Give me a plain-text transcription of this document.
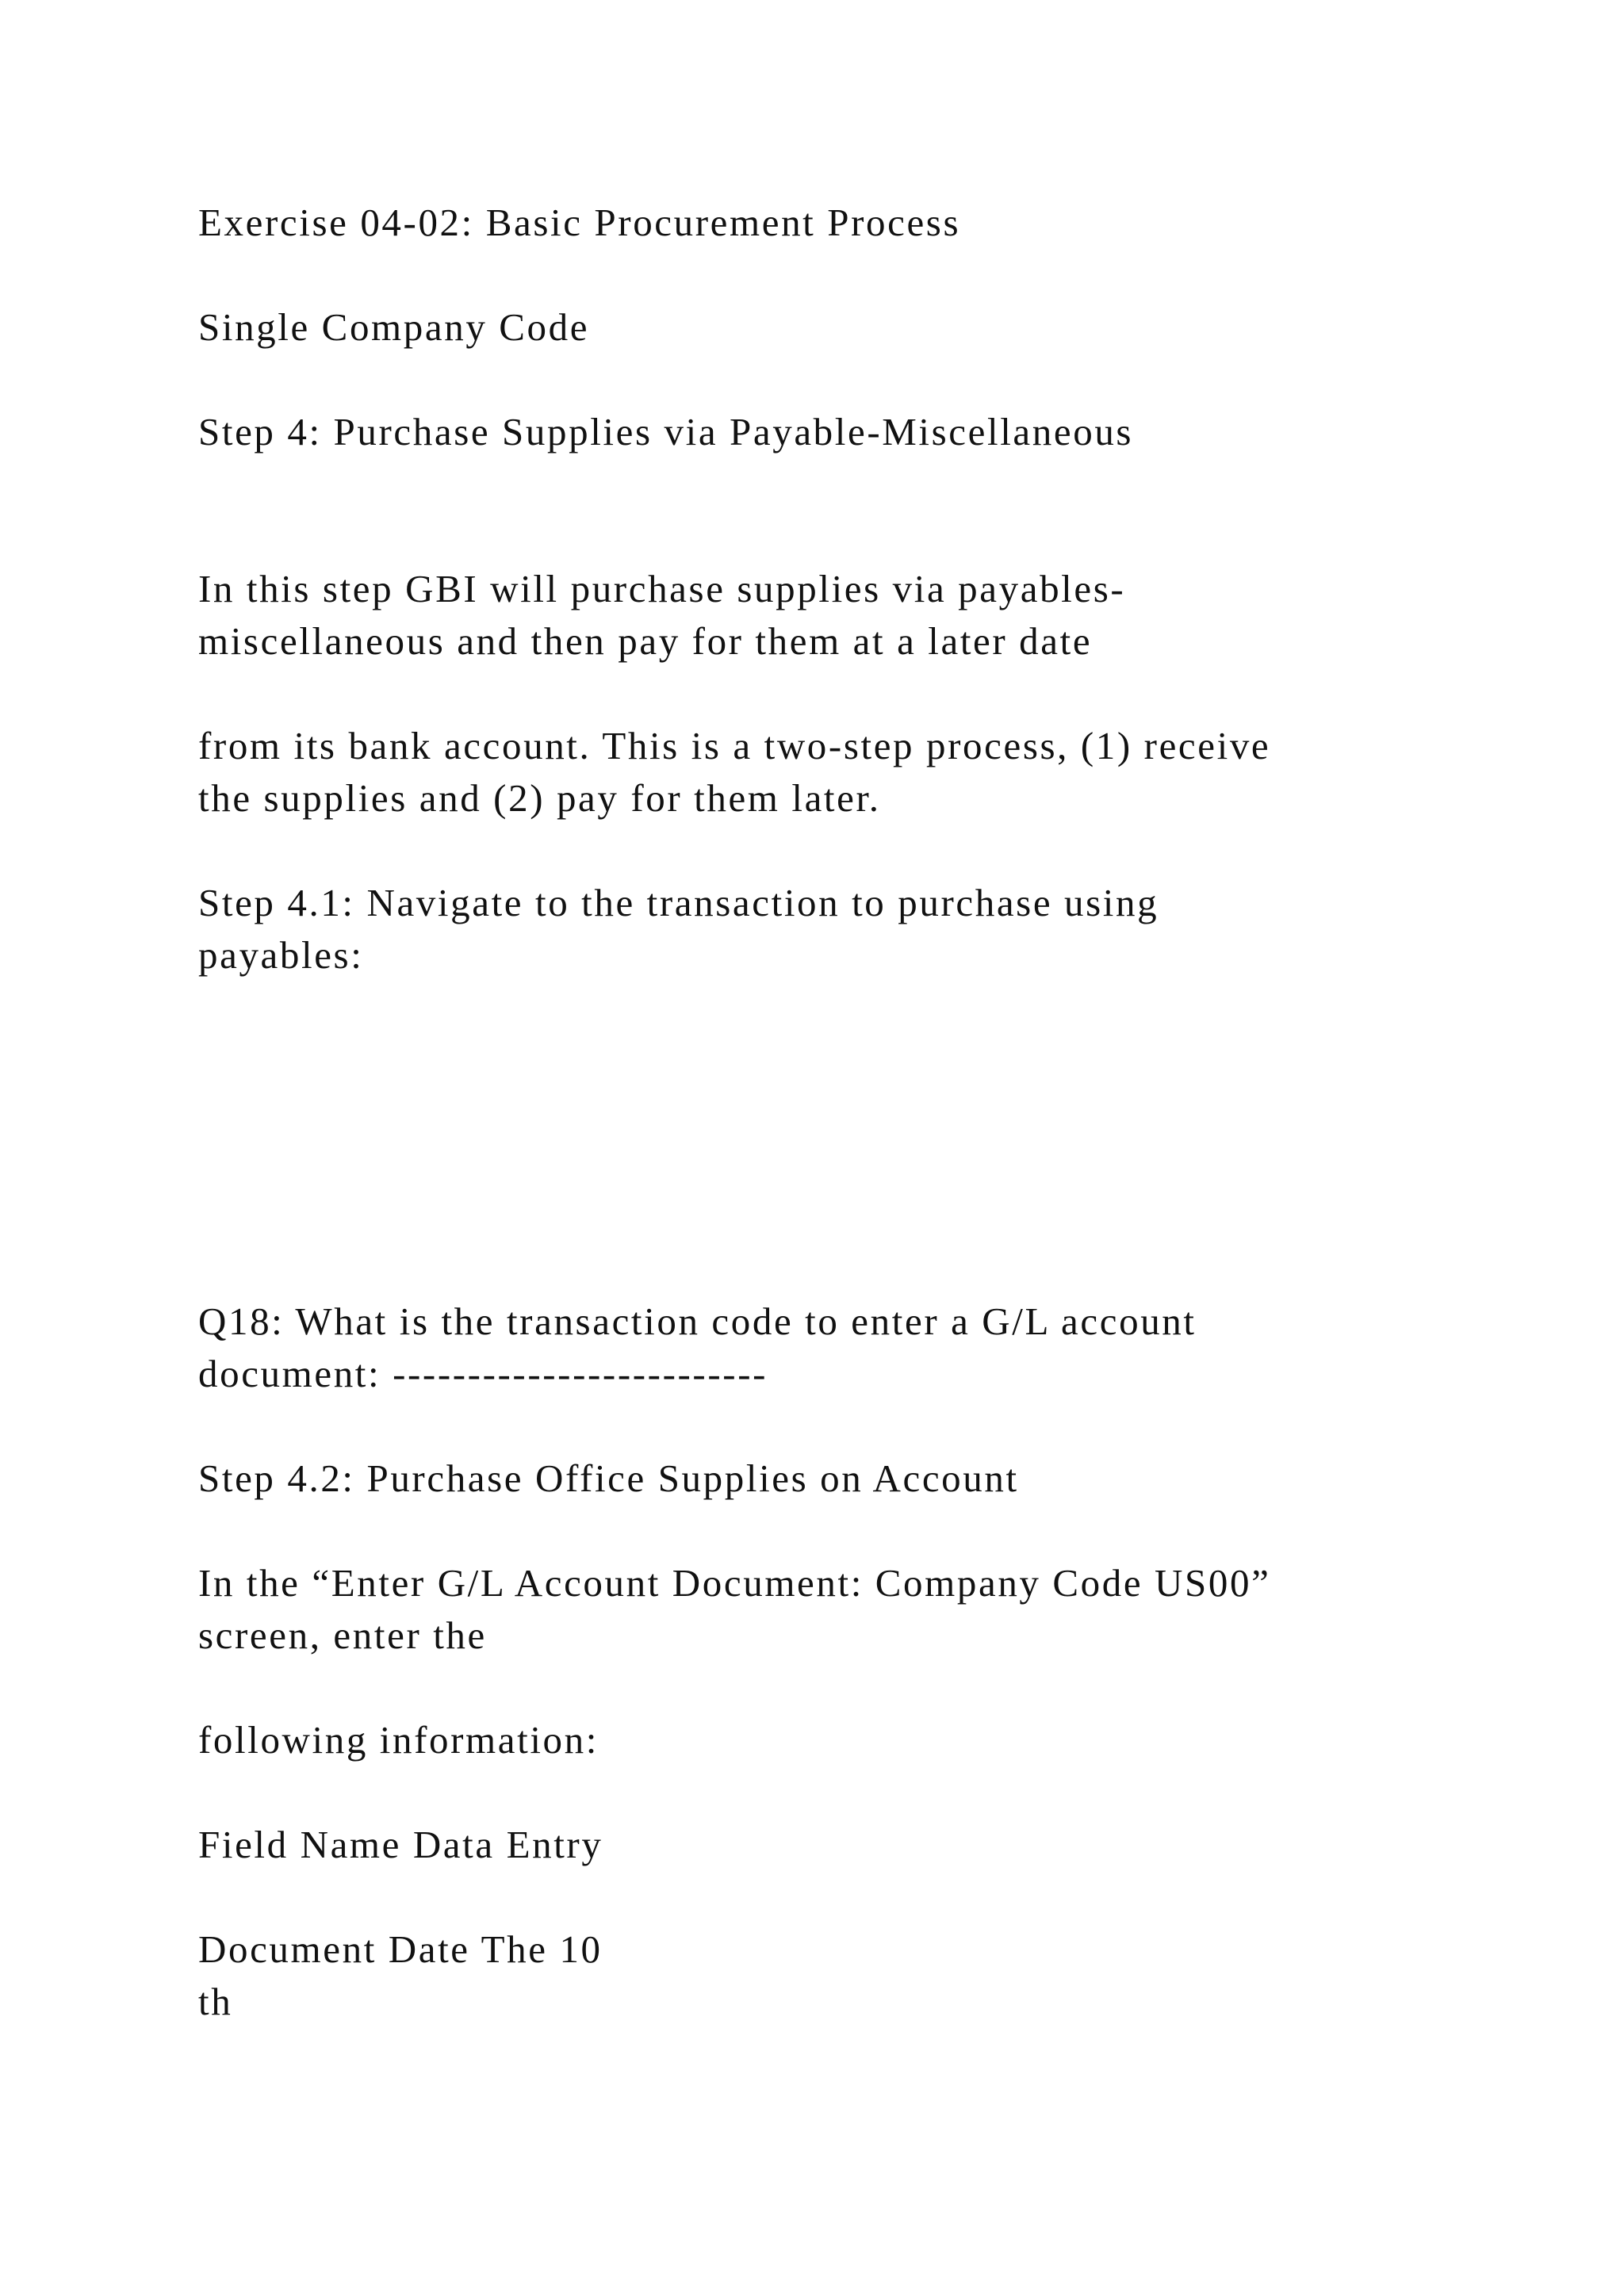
Exercise 04-02: Basic Procurement Process

Single Company Code

Step 4: Purchase Supplies via Payable-Miscellaneous

In this step GBI will purchase supplies via payables-

miscellaneous and then pay for them at a later date

from its bank account. This is a two-step process, (1) receive

the supplies and (2) pay for them later.

Step 4.1: Navigate to the transaction to purchase using

payables:

Q18: What is the transaction code to enter a G/L account

document: -------------------------

Step 4.2: Purchase Office Supplies on Account

In the “Enter G/L Account Document: Company Code US00”

screen, enter the

following information:

Field Name Data Entry

Document Date The 10

th
